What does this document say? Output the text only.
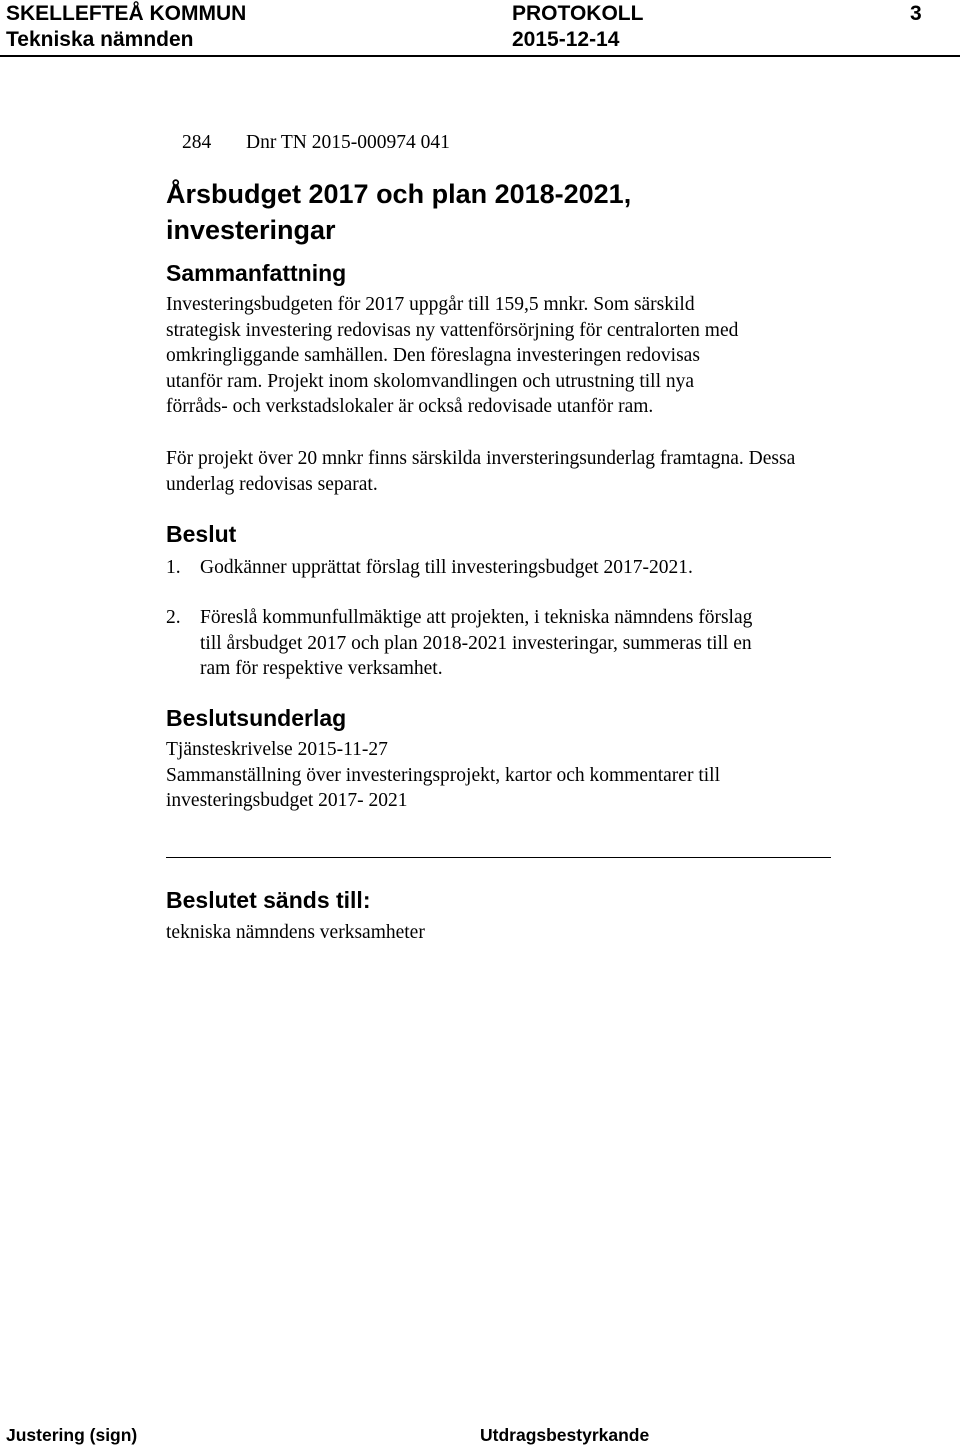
SKELLEFTEÅ KOMMUN
Tekniska nämnden
PROTOKOLL
2015-12-14
3
284 Dnr TN 2015-000974 041
Årsbudget 2017 och plan 2018-2021,
investeringar
Sammanfattning
Investeringsbudgeten för 2017 uppgår till 159,5 mnkr. Som särskild
strategisk investering redovisas ny vattenförsörjning för centralorten med
omkringliggande samhällen. Den föreslagna investeringen redovisas
utanför ram. Projekt inom skolomvandlingen och utrustning till nya
förråds- och verkstadslokaler är också redovisade utanför ram.
För projekt över 20 mnkr finns särskilda inversteringsunderlag framtagna. Dessa
underlag redovisas separat.
Beslut
1. Godkänner upprättat förslag till investeringsbudget 2017-2021.
2. Föreslå kommunfullmäktige att projekten, i tekniska nämndens förslag
till årsbudget 2017 och plan 2018-2021 investeringar, summeras till en
ram för respektive verksamhet.
Beslutsunderlag
Tjänsteskrivelse 2015-11-27
Sammanställning över investeringsprojekt, kartor och kommentarer till
investeringsbudget 2017- 2021
Beslutet sänds till:
tekniska nämndens verksamheter
Justering (sign)	Utdragsbestyrkande
